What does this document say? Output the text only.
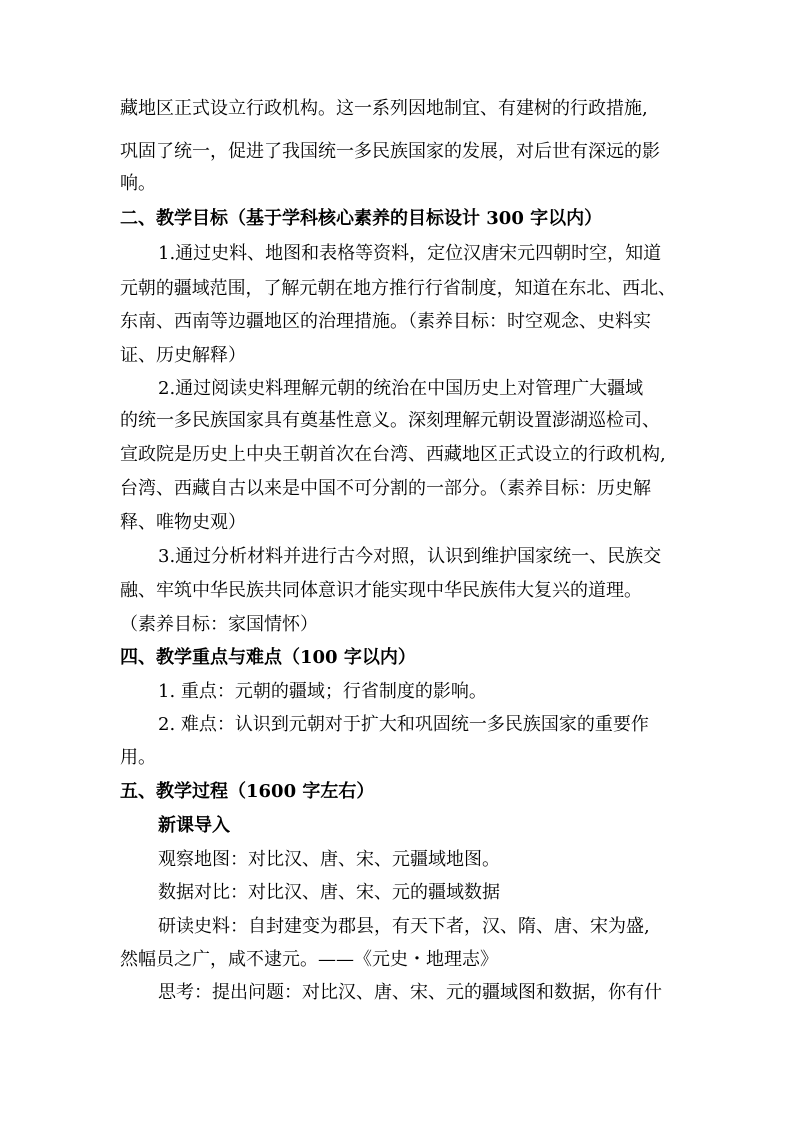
藏地区正式设立行政机构。这一系列因地制宜、有建树的行政措施,
巩固了统一，促进了我国统一多民族国家的发展，对后世有深远的影
响。
二、教学目标（基于学科核心素养的目标设计 300 字以内）
1.通过史料、地图和表格等资料，定位汉唐宋元四朝时空，知道
元朝的疆域范围，了解元朝在地方推行行省制度，知道在东北、西北、
东南、西南等边疆地区的治理措施。（素养目标：时空观念、史料实
证、历史解释）
2.通过阅读史料理解元朝的统治在中国历史上对管理广大疆域
的统一多民族国家具有奠基性意义。深刻理解元朝设置澎湖巡检司、
宣政院是历史上中央王朝首次在台湾、西藏地区正式设立的行政机构,
台湾、西藏自古以来是中国不可分割的一部分。（素养目标：历史解
释、唯物史观）
3.通过分析材料并进行古今对照，认识到维护国家统一、民族交
融、牢筑中华民族共同体意识才能实现中华民族伟大复兴的道理。
（素养目标：家国情怀）
四、教学重点与难点（100 字以内）
1. 重点：元朝的疆域；行省制度的影响。
2. 难点：认识到元朝对于扩大和巩固统一多民族国家的重要作
用。
五、教学过程（1600 字左右）
新课导入
观察地图：对比汉、唐、宋、元疆域地图。
数据对比：对比汉、唐、宋、元的疆域数据
研读史料：自封建变为郡县，有天下者，汉、隋、唐、宋为盛,
然幅员之广，咸不逮元。——《元史・地理志》
思考：提出问题：对比汉、唐、宋、元的疆域图和数据，你有什
